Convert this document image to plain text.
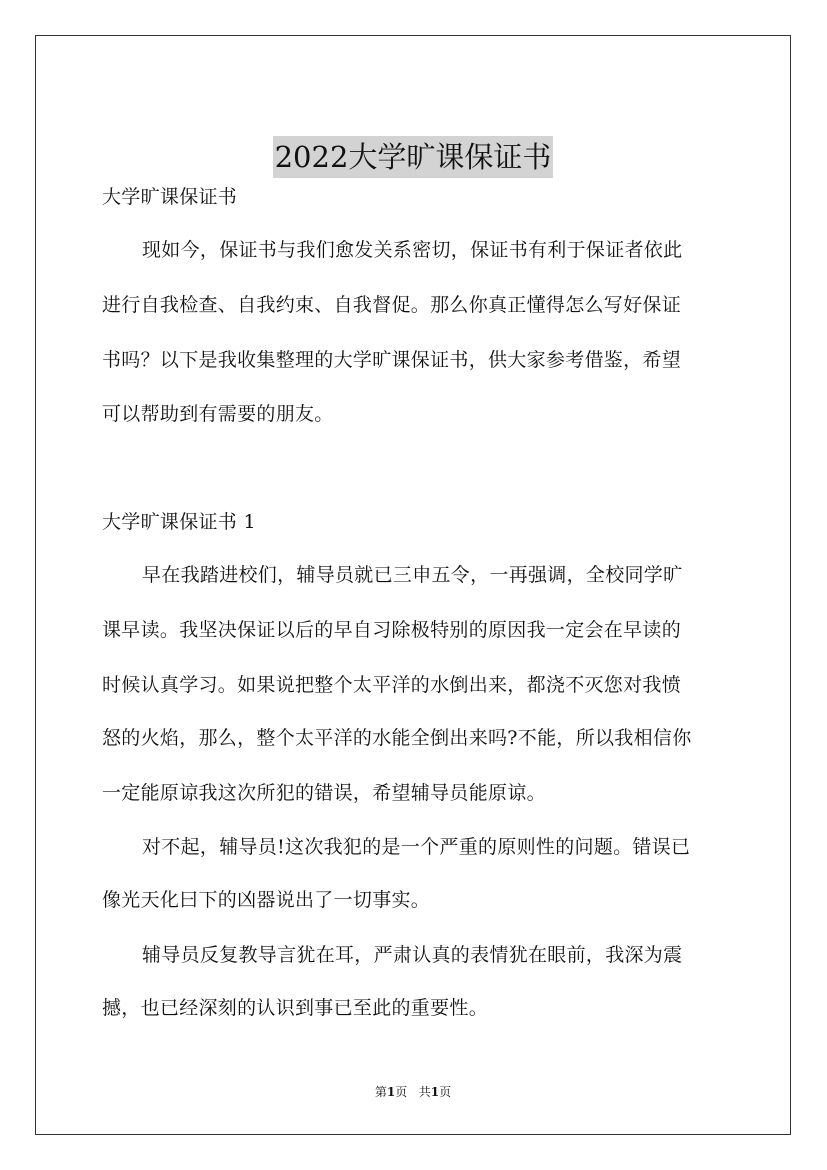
2022大学旷课保证书
大学旷课保证书
现如今，保证书与我们愈发关系密切，保证书有利于保证者依此
进行自我检查、自我约束、自我督促。那么你真正懂得怎么写好保证
书吗？以下是我收集整理的大学旷课保证书，供大家参考借鉴，希望
可以帮助到有需要的朋友。
大学旷课保证书 1
早在我踏进校们，辅导员就已三申五令，一再强调，全校同学旷
课早读。我坚决保证以后的早自习除极特别的原因我一定会在早读的
时候认真学习。如果说把整个太平洋的水倒出来，都浇不灭您对我愤
怒的火焰，那么，整个太平洋的水能全倒出来吗?不能，所以我相信你
一定能原谅我这次所犯的错误，希望辅导员能原谅。
对不起，辅导员!这次我犯的是一个严重的原则性的问题。错误已
像光天化曰下的凶器说出了一切事实。
辅导员反复教导言犹在耳，严肃认真的表情犹在眼前，我深为震
撼，也已经深刻的认识到事已至此的重要性。
第1页   共1页
